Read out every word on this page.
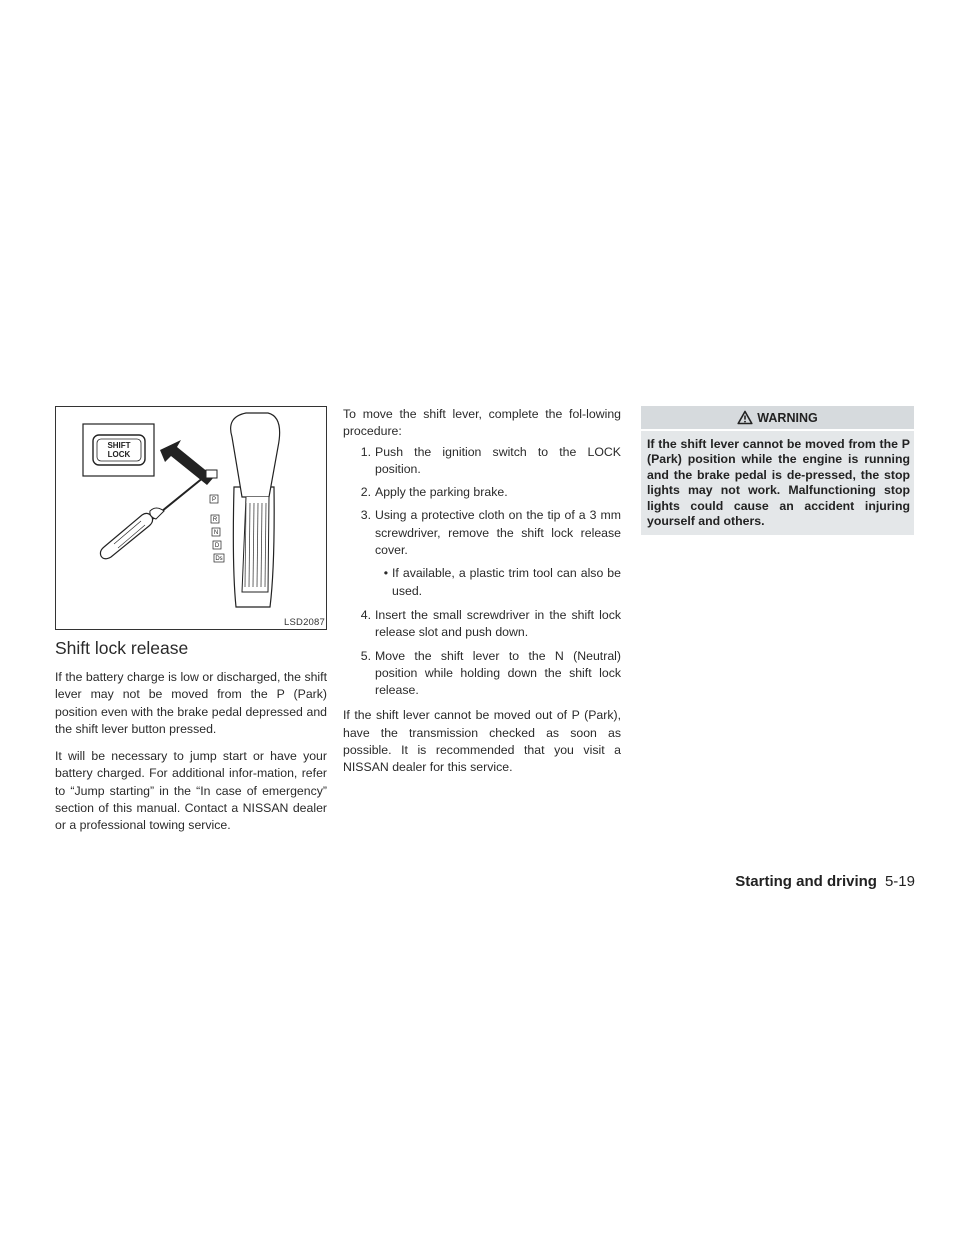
SHIFT
LOCK
P
R
N
D
Ds
LSD2087
Shift lock release

If the battery charge is low or discharged, the shift lever may not be moved from the P (Park) position even with the brake pedal depressed and the shift lever button pressed.

It will be necessary to jump start or have your battery charged. For additional infor-mation, refer to “Jump starting” in the “In case of emergency” section of this manual. Contact a NISSAN dealer or a professional towing service.

To move the shift lever, complete the fol-lowing procedure:

1. Push the ignition switch to the LOCK position.
2. Apply the parking brake.
3. Using a protective cloth on the tip of a 3 mm screwdriver, remove the shift lock release cover.
• If available, a plastic trim tool can also be used.
4. Insert the small screwdriver in the shift lock release slot and push down.
5. Move the shift lever to the N (Neutral) position while holding down the shift lock release.

If the shift lever cannot be moved out of P (Park), have the transmission checked as soon as possible. It is recommended that you visit a NISSAN dealer for this service.

WARNING
If the shift lever cannot be moved from the P (Park) position while the engine is running and the brake pedal is de-pressed, the stop lights may not work. Malfunctioning stop lights could cause an accident injuring yourself and others.
Starting and driving 5-19
